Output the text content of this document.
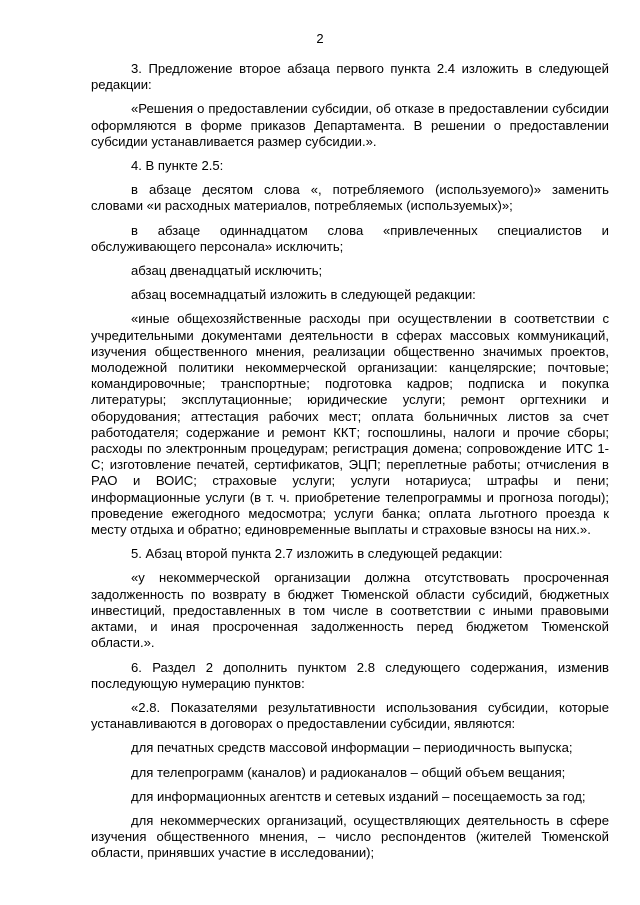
2

3. Предложение второе абзаца первого пункта 2.4 изложить в следующей редакции:

«Решения о предоставлении субсидии, об отказе в предоставлении субсидии оформляются в форме приказов Департамента. В решении о предоставлении субсидии устанавливается размер субсидии.».

4. В пункте 2.5:

в абзаце десятом слова «, потребляемого (используемого)» заменить словами «и расходных материалов, потребляемых (используемых)»;

в абзаце одиннадцатом слова «привлеченных специалистов и обслуживающего персонала» исключить;

абзац двенадцатый исключить;

абзац восемнадцатый изложить в следующей редакции:

«иные общехозяйственные расходы при осуществлении в соответствии с учредительными документами деятельности в сферах массовых коммуникаций, изучения общественного мнения, реализации общественно значимых проектов, молодежной политики некоммерческой организации: канцелярские; почтовые; командировочные; транспортные; подготовка кадров; подписка и покупка литературы; эксплутационные; юридические услуги; ремонт оргтехники и оборудования; аттестация рабочих мест; оплата больничных листов за счет работодателя; содержание и ремонт ККТ; госпошлины, налоги и прочие сборы; расходы по электронным процедурам; регистрация домена; сопровождение ИТС 1-С; изготовление печатей, сертификатов, ЭЦП; переплетные работы; отчисления в РАО и ВОИС; страховые услуги; услуги нотариуса; штрафы и пени; информационные услуги (в т. ч. приобретение телепрограммы и прогноза погоды); проведение ежегодного медосмотра; услуги банка; оплата льготного проезда к месту отдыха и обратно; единовременные выплаты и страховые взносы на них.».

5. Абзац второй пункта 2.7 изложить в следующей редакции:

«у некоммерческой организации должна отсутствовать просроченная задолженность по возврату в бюджет Тюменской области субсидий, бюджетных инвестиций, предоставленных в том числе в соответствии с иными правовыми актами, и иная просроченная задолженность перед бюджетом Тюменской области.».

6. Раздел 2 дополнить пунктом 2.8 следующего содержания, изменив последующую нумерацию пунктов:

«2.8. Показателями результативности использования субсидии, которые устанавливаются в договорах о предоставлении субсидии, являются:

для печатных средств массовой информации – периодичность выпуска;

для телепрограмм (каналов) и радиоканалов – общий объем вещания;

для информационных агентств и сетевых изданий – посещаемость за год;

для некоммерческих организаций, осуществляющих деятельность в сфере изучения общественного мнения, – число респондентов (жителей Тюменской области, принявших участие в исследовании);
